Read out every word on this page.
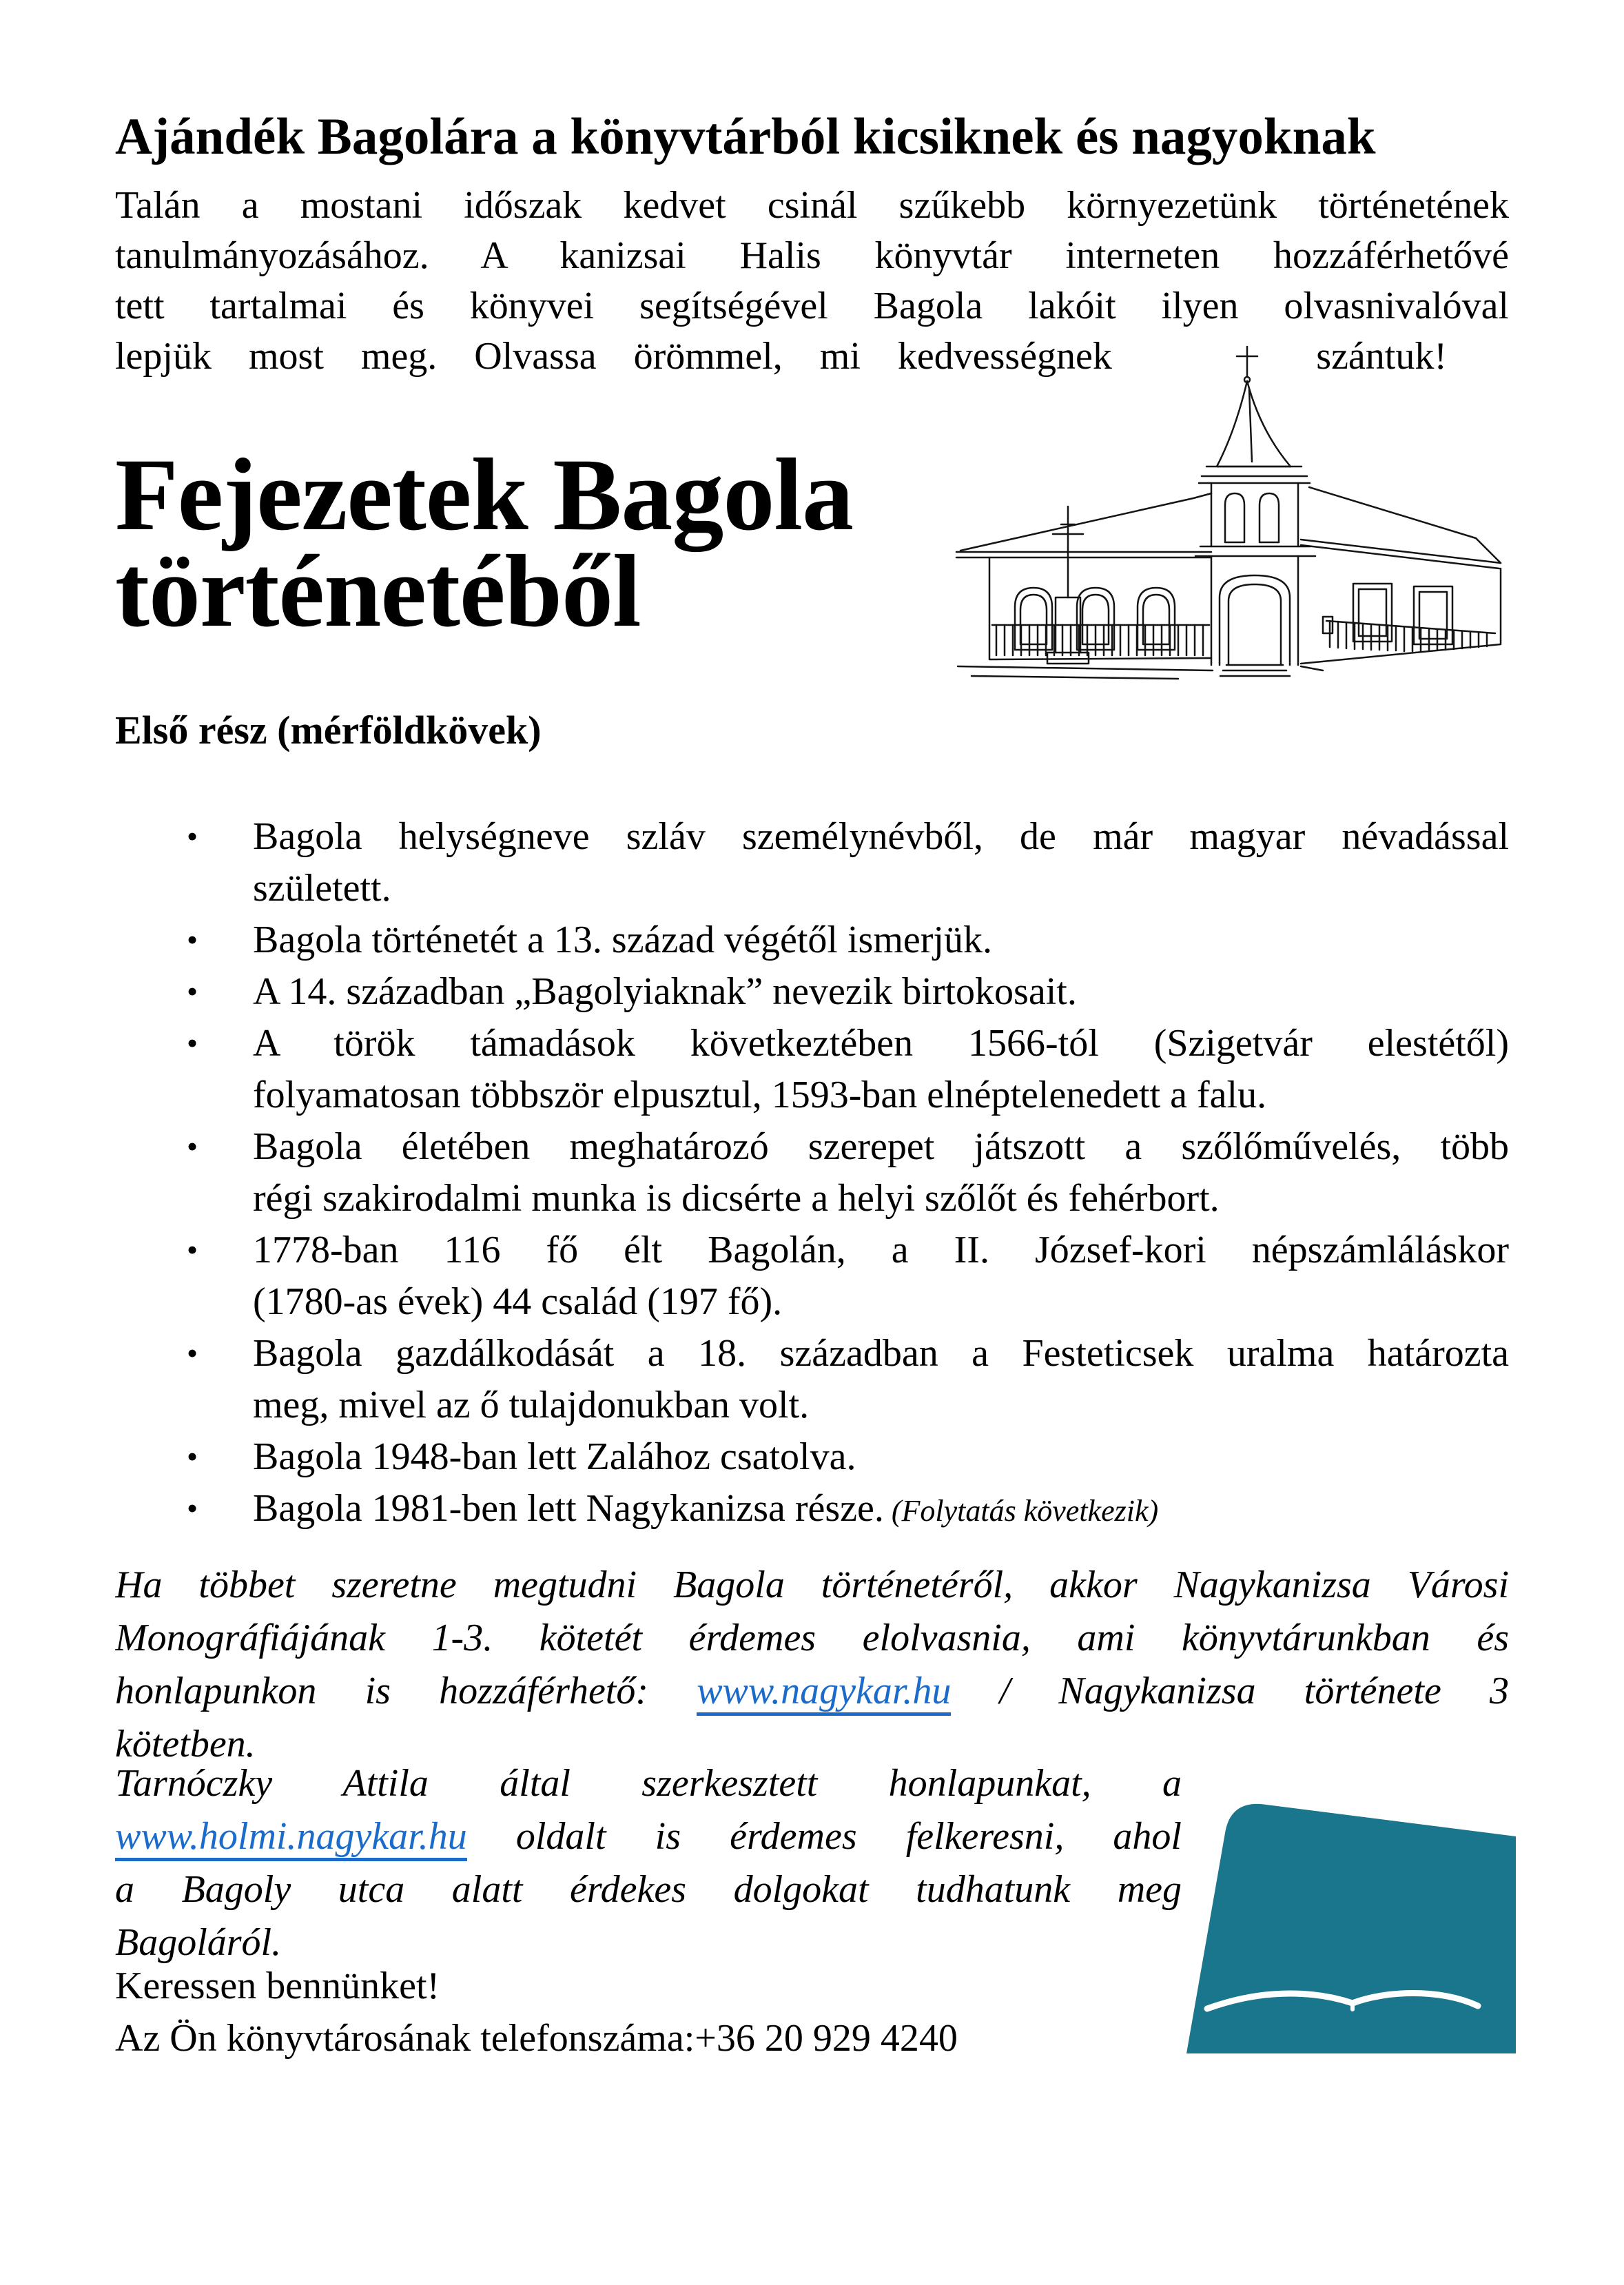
Ajándék Bagolára a könyvtárból kicsiknek és nagyoknak
Talán a mostani időszak kedvet csinál szűkebb környezetünk történetének
tanulmányozásához. A kanizsai Halis könyvtár interneten hozzáférhetővé
tett tartalmai és könyvei segítségével Bagola lakóit ilyen olvasnivalóval
lepjük most meg. Olvassa örömmel, mi kedvességnek	szántuk!
Fejezetek Bagola
történetéből
Első rész (mérföldkövek)
•	Bagola helységneve szláv személynévből, de már magyar névadással
született.
•	Bagola történetét a 13. század végétől ismerjük.
•	A 14. században „Bagolyiaknak” nevezik birtokosait.
•	A török támadások következtében 1566-tól (Szigetvár elestétől)
folyamatosan többször elpusztul, 1593-ban elnéptelenedett a falu.
•	Bagola életében meghatározó szerepet játszott a szőlőművelés, több
régi szakirodalmi munka is dicsérte a helyi szőlőt és fehérbort.
•	1778-ban 116 fő élt Bagolán, a II. József-kori népszámláláskor
(1780-as évek) 44 család (197 fő).
•	Bagola gazdálkodását a 18. században a Festeticsek uralma határozta
meg, mivel az ő tulajdonukban volt.
•	Bagola 1948-ban lett Zalához csatolva.
•	Bagola 1981-ben lett Nagykanizsa része. (Folytatás következik)
Ha többet szeretne megtudni Bagola történetéről, akkor Nagykanizsa Városi
Monográfiájának 1-3. kötetét érdemes elolvasnia, ami könyvtárunkban és
honlapunkon is hozzáférhető: www.nagykar.hu / Nagykanizsa története 3
kötetben.
Tarnóczky Attila által szerkesztett honlapunkat, a
www.holmi.nagykar.hu oldalt is érdemes felkeresni, ahol
a Bagoly utca alatt érdekes dolgokat tudhatunk meg
Bagoláról.
Keressen bennünket!
Az Ön könyvtárosának telefonszáma:+36 20 929 4240
